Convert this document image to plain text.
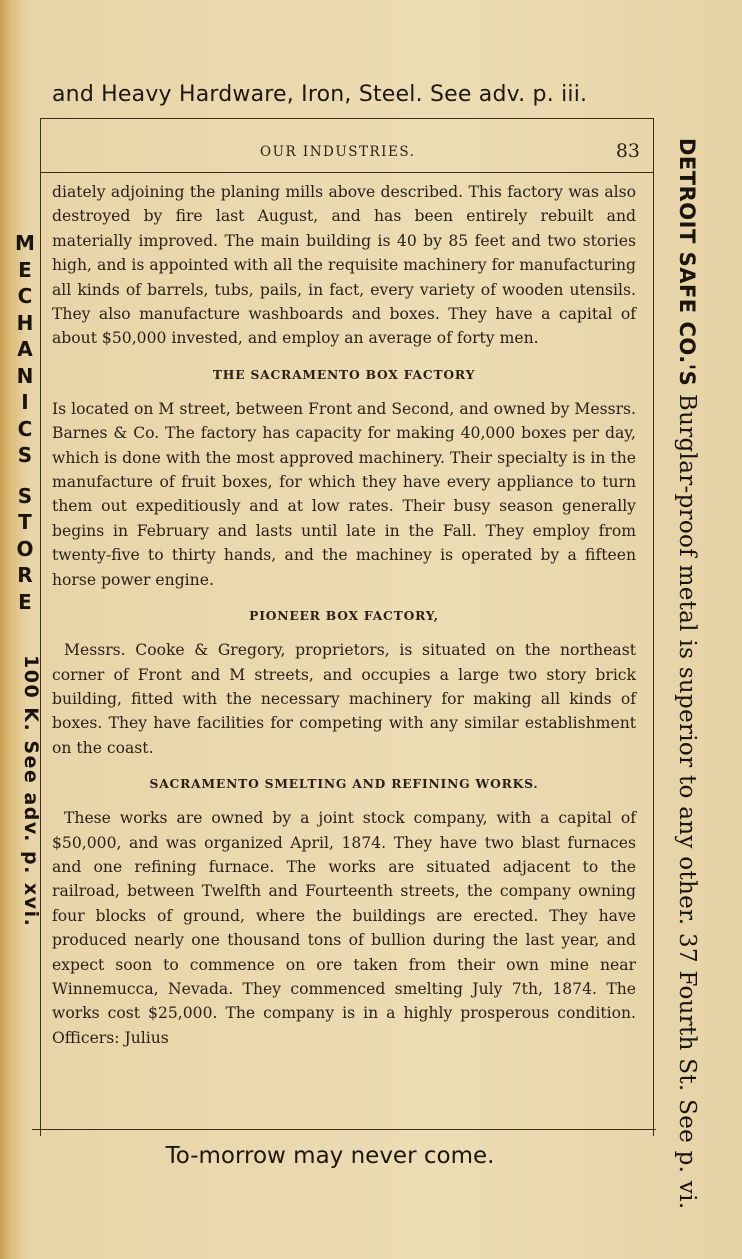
and Heavy Hardware, Iron, Steel. See adv. p. iii.
OUR INDUSTRIES.	83

diately adjoining the planing mills above described. This factory was also destroyed by fire last August, and has been entirely rebuilt and materially improved. The main building is 40 by 85 feet and two stories high, and is appointed with all the requisite machinery for manufacturing all kinds of barrels, tubs, pails, in fact, every variety of wooden utensils. They also manufacture washboards and boxes. They have a capital of about $50,000 invested, and employ an average of forty men.

THE SACRAMENTO BOX FACTORY

Is located on M street, between Front and Second, and owned by Messrs. Barnes & Co. The factory has capacity for making 40,000 boxes per day, which is done with the most approved machinery. Their specialty is in the manufacture of fruit boxes, for which they have every appliance to turn them out expeditiously and at low rates. Their busy season generally begins in February and lasts until late in the Fall. They employ from twenty-five to thirty hands, and the machiney is operated by a fifteen horse power engine.

PIONEER BOX FACTORY,

Messrs. Cooke & Gregory, proprietors, is situated on the northeast corner of Front and M streets, and occupies a large two story brick building, fitted with the necessary machinery for making all kinds of boxes. They have facilities for competing with any similar establishment on the coast.

SACRAMENTO SMELTING AND REFINING WORKS.

These works are owned by a joint stock company, with a capital of $50,000, and was organized April, 1874. They have two blast furnaces and one refining furnace. The works are situated adjacent to the railroad, between Twelfth and Fourteenth streets, the company owning four blocks of ground, where the buildings are erected. They have produced nearly one thousand tons of bullion during the last year, and expect soon to commence on ore taken from their own mine near Winnemucca, Nevada. They commenced smelting July 7th, 1874. The works cost $25,000. The company is in a highly prosperous condition. Officers: Julius

To-morrow may never come.
M
E
C
H
A
N
I
C
S

S
T
O
R
E
100 K. See adv. p. xvi.
DETROIT SAFE CO.'S Burglar-proof metal is superior to any other. 37 Fourth St. See p. vi.
